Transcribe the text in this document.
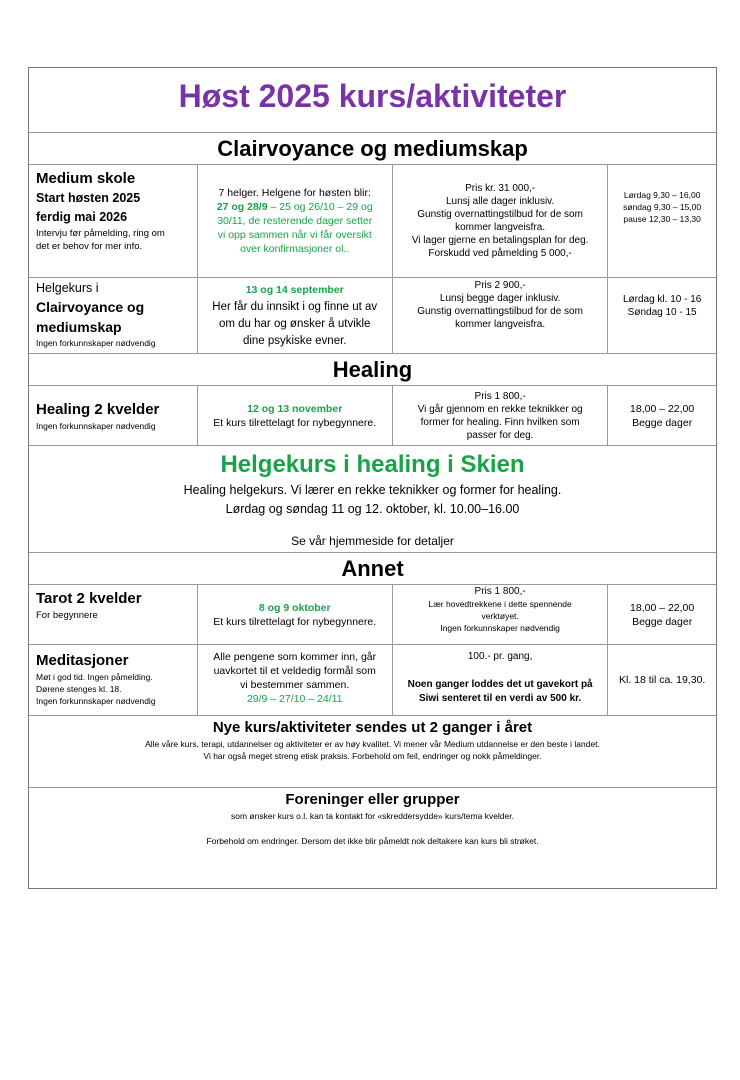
Høst 2025 kurs/aktiviteter
Clairvoyance og mediumskap
Medium skole
Start høsten 2025
ferdig mai 2026
Intervju før påmelding, ring om
det er behov for mer info.
7 helger. Helgene for høsten blir:
27 og 28/9 – 25 og 26/10 – 29 og
30/11, de resterende dager setter
vi opp sammen når vi får oversikt
over konfirmasjoner ol..
Pris kr. 31 000,-
Lunsj alle dager inklusiv.
Gunstig overnattingstilbud for de som
kommer langveisfra.
Vi lager gjerne en betalingsplan for deg.
Forskudd ved påmelding 5 000,-
Lørdag 9,30 – 16,00
søndag 9,30 – 15,00
pause 12,30 – 13,30
Helgekurs i
Clairvoyance og
mediumskap
Ingen forkunnskaper nødvendig
13 og 14 september
Her får du innsikt i og finne ut av
om du har og ønsker å utvikle
dine psykiske evner.
Pris 2 900,-
Lunsj begge dager inklusiv.
Gunstig overnattingstilbud for de som
kommer langveisfra.
Lørdag kl. 10 - 16
Søndag 10 - 15
Healing
Healing 2 kvelder
Ingen forkunnskaper nødvendig
12 og 13 november
Et kurs tilrettelagt for nybegynnere.
Pris 1 800,-
Vi går gjennom en rekke teknikker og
former for healing. Finn hvilken som
passer for deg.
18,00 – 22,00
Begge dager
Helgekurs i healing i Skien
Healing helgekurs. Vi lærer en rekke teknikker og former for healing.
Lørdag og søndag 11 og 12. oktober, kl. 10.00–16.00
Se vår hjemmeside for detaljer
Annet
Tarot 2 kvelder
For begynnere
8 og 9 oktober
Et kurs tilrettelagt for nybegynnere.
Pris 1 800,-
Lær hovedtrekkene i dette spennende
verktøyet.
Ingen forkunnskaper nødvendig
18,00 – 22,00
Begge dager
Meditasjoner
Møt i god tid. Ingen påmelding.
Dørene stenges kl. 18.
Ingen forkunnskaper nødvendig
Alle pengene som kommer inn, går
uavkortet til et veldedig formål som
vi bestemmer sammen.
29/9 – 27/10 – 24/11
100.- pr. gang,
Noen ganger loddes det ut gavekort på
Siwi senteret til en verdi av 500 kr.
Kl. 18 til ca. 19,30.
Nye kurs/aktiviteter sendes ut 2 ganger i året
Alle våre kurs, terapi, utdannelser og aktiviteter er av høy kvalitet. Vi mener vår Medium utdannelse er den beste i landet.
Vi har også meget streng etisk praksis. Forbehold om feil, endringer og nokk påmeldinger.
Foreninger eller grupper
som ønsker kurs o.l. kan ta kontakt for «skreddersydde» kurs/tema kvelder.
Forbehold om endringer. Dersom det ikke blir påmeldt nok deltakere kan kurs bli strøket.
